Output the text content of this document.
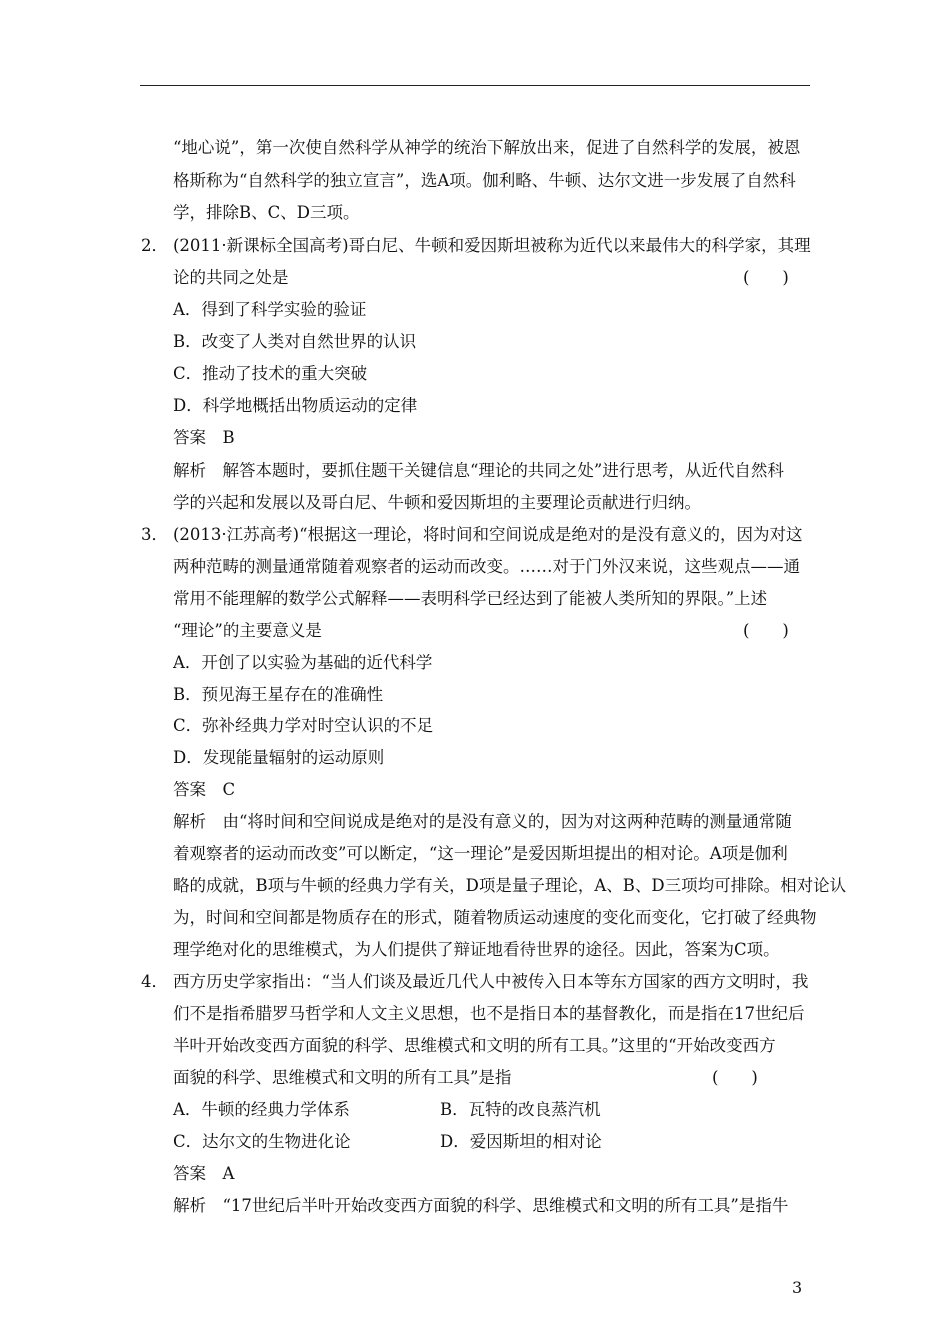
“地心说”，第一次使自然科学从神学的统治下解放出来，促进了自然科学的发展，被恩
格斯称为“自然科学的独立宣言”，选A项。伽利略、牛顿、达尔文进一步发展了自然科
学，排除B、C、D三项。
2． (2011·新课标全国高考)哥白尼、牛顿和爱因斯坦被称为近代以来最伟大的科学家，其理
论的共同之处是	(　　)
A．得到了科学实验的验证
B．改变了人类对自然世界的认识
C．推动了技术的重大突破
D．科学地概括出物质运动的定律
答案　B
解析　解答本题时，要抓住题干关键信息“理论的共同之处”进行思考，从近代自然科
学的兴起和发展以及哥白尼、牛顿和爱因斯坦的主要理论贡献进行归纳。
3． (2013·江苏高考)“根据这一理论，将时间和空间说成是绝对的是没有意义的，因为对这
两种范畴的测量通常随着观察者的运动而改变。……对于门外汉来说，这些观点——通
常用不能理解的数学公式解释——表明科学已经达到了能被人类所知的界限。”上述
“理论”的主要意义是	(　　)
A．开创了以实验为基础的近代科学
B．预见海王星存在的准确性
C．弥补经典力学对时空认识的不足
D．发现能量辐射的运动原则
答案　C
解析　由“将时间和空间说成是绝对的是没有意义的，因为对这两种范畴的测量通常随
着观察者的运动而改变”可以断定，“这一理论”是爱因斯坦提出的相对论。A项是伽利
略的成就，B项与牛顿的经典力学有关，D项是量子理论，A、B、D三项均可排除。相对论认
为，时间和空间都是物质存在的形式，随着物质运动速度的变化而变化，它打破了经典物
理学绝对化的思维模式，为人们提供了辩证地看待世界的途径。因此，答案为C项。
4． 西方历史学家指出：“当人们谈及最近几代人中被传入日本等东方国家的西方文明时，我
们不是指希腊罗马哲学和人文主义思想，也不是指日本的基督教化，而是指在17世纪后
半叶开始改变西方面貌的科学、思维模式和文明的所有工具。”这里的“开始改变西方
面貌的科学、思维模式和文明的所有工具”是指	(　　)
A．牛顿的经典力学体系	B．瓦特的改良蒸汽机
C．达尔文的生物进化论	D．爱因斯坦的相对论
答案　A
解析　“17世纪后半叶开始改变西方面貌的科学、思维模式和文明的所有工具”是指牛
3
